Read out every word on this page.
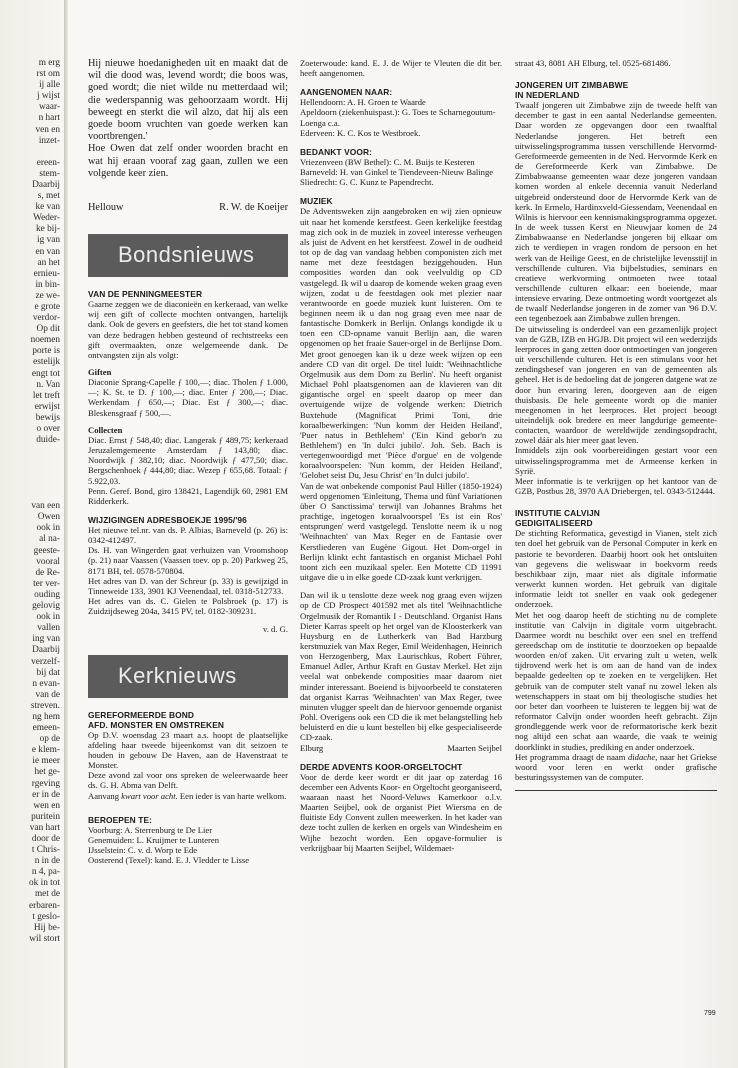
m erg
rst om
ij alle
j wijst
waar-
n hart
ven en
inzet-
ereen-
stem-
Daarbij
s, met
ke van
Weder-
ke bij-
ig van
en van
an het
ernieu-
in bin-
ze we-
e grote
verdor-
Op dit
noemen
porte is
estelijk
engt tot
n. Van
let treft
erwijst
bewijs
o over
duide-
van een
Owen
ook in
al na-
geeste-
vooral
de Re-
ter ver-
ouding
gelovig
ook in
vallen
ing van
Daarbij
verzelf-
bij dat
n evan-
van de
streven.
ng hem
emeen-
op de
e klem-
ie meer
het ge-
rgeving
er in de
wen en
puritein
van hart
door de
t Chris-
n in de
n 4, pa-
ok in tot
met de
erbaren-
t geslo-
Hij be-
wil stort

Hij nieuwe hoedanigheden uit en maakt dat de wil die dood was, levend wordt; die boos was, goed wordt; die niet wilde nu metterdaad wil; die wederspannig was gehoorzaam wordt. Hij beweegt en sterkt die wil alzo, dat hij als een goede boom vruchten van goede werken kan voortbrengen.'

Hoe Owen dat zelf onder woorden bracht en wat hij eraan vooraf zag gaan, zullen we een volgende keer zien.

Hellouw	R. W. de Koeijer
Bondsnieuws

VAN DE PENNINGMEESTER

Gaarne zeggen we de diaconieën en kerkeraad, van welke wij een gift of collecte mochten ontvangen, hartelijk dank. Ook de gevers en geefsters, die het tot stand komen van deze bedragen hebben gesteund of rechtstreeks een gift overmaakten, onze welgemeende dank. De ontvangsten zijn als volgt:

Giften

Diaconie Sprang-Capelle ƒ 100,—; diac. Tholen ƒ 1.000,—; K. St. te D. ƒ 100,—; diac. Enter ƒ 200,—; Diac. Werkendam ƒ 650,—; Diac. Est ƒ 300,—; diac. Bleskensgraaf ƒ 500,—.

Collecten

Diac. Ernst ƒ 548,40; diac. Langerak ƒ 489,75; kerkeraad Jeruzalemgemeente Amsterdam ƒ 143,80; diac. Noordwijk ƒ 382,10; diac. Noordwijk ƒ 477,50; diac. Bergschenhoek ƒ 444,80; diac. Wezep ƒ 655,68. Totaal: ƒ 5.922,03.

Penn. Geref. Bond, giro 138421, Lagendijk 60, 2981 EM Ridderkerk.

WIJZIGINGEN ADRESBOEKJE 1995/'96

Het nieuwe tel.nr. van ds. P. Albias, Barneveld (p. 26) is: 0342-412497.

Ds. H. van Wingerden gaat verhuizen van Vroomshoop (p. 21) naar Vaassen (Vaassen toev. op p. 20) Parkweg 25, 8171 BH, tel. 0578-570804.

Het adres van D. van der Schreur (p. 33) is gewijzigd in Tinneweide 133, 3901 KJ Veenendaal, tel. 0318-512733.

Het adres van ds. C. Gielen te Polsbroek (p. 17) is Zuidzijdseweg 204a, 3415 PV, tel. 0182-309231.

v. d. G.
Kerknieuws

GEREFORMEERDE BOND

AFD. MONSTER EN OMSTREKEN

Op D.V. woensdag 23 maart a.s. hoopt de plaatselijke afdeling haar tweede bijeenkomst van dit seizoen te houden in gebouw De Haven, aan de Havenstraat te Monster.

Deze avond zal voor ons spreken de weleerwaarde heer ds. G. H. Abma van Delft.

Aanvang kwart voor acht. Een ieder is van harte welkom.

BEROEPEN TE:

Voorburg: A. Sterrenburg te De Lier

Genemuiden: L. Kruijmer te Lunteren

IJsselstein: C. v. d. Worp te Ede

Oosterend (Texel): kand. E. J. Vledder te Lisse

Zoeterwoude: kand. E. J. de Wijer te Vleuten die dit ber. heeft aangenomen.

AANGENOMEN NAAR:

Hellendoorn: A. H. Groen te Waarde

Apeldoorn (ziekenhuispast.): G. Toes te Scharnegoutum-Loenga c.a.

Ederveen: K. C. Kos te Westbroek.

BEDANKT VOOR:

Vriezenveen (BW Bethel): C. M. Buijs te Kesteren

Barneveld: H. van Ginkel te Tiendeveen-Nieuw Balinge

Sliedrecht: G. C. Kunz te Papendrecht.

MUZIEK

De Adventsweken zijn aangebroken en wij zien opnieuw uit naar het komende kerstfeest. Geen kerkelijke feestdag mag zich ook in de muziek in zoveel interesse verheugen als juist de Advent en het kerstfeest. Zowel in de oudheid tot op de dag van vandaag hebben componisten zich met name met deze feestdagen beziggehouden. Hun composities worden dan ook veelvuldig op CD vastgelegd. Ik wil u daarop de komende weken graag even wijzen, zodat u de feestdagen ook met plezier naar verantwoorde en goede muziek kunt luisteren. Om te beginnen neem ik u dan nog graag even mee naar de fantastische Domkerk in Berlijn. Onlangs kondigde ik u toen een CD-opname vanuit Berlijn aan, die waren opgenomen op het fraaie Sauer-orgel in de Berlijnse Dom. Met groot genoegen kan ik u deze week wijzen op een andere CD van dit orgel. De titel luidt: 'Weihnachtliche Orgelmusik aus dem Dom zu Berlin'. Nu heeft organist Michael Pohl plaatsgenomen aan de klavieren van dit gigantische orgel en speelt daarop op meer dan overtuigende wijze de volgende werken: Dietrich Buxtehude (Magnificat Primi Toni, drie koraalbewerkingen: 'Nun komm der Heiden Heiland', 'Puer natus in Bethlehem' ('Ein Kind gebor'n zu Bethlehem') en 'In dulci jubilo'. Joh. Seb. Bach is vertegenwoordigd met 'Pièce d'orgue' en de volgende koraalvoorspelen: 'Nun komm, der Heiden Heiland', 'Gelobet seist Du, Jesu Christ' en 'In dulci jubilo'.

Van de wat onbekende componist Paul Hiller (1850-1924) werd opgenomen 'Einleitung, Thema und fünf Variationen über O Sanctissima' terwijl van Johannes Brahms het prachtige, ingetogen koraalvoorspel 'Es ist ein Ros' entsprungen' werd vastgelegd. Tenslotte neem ik u nog 'Weihnachten' van Max Reger en de Fantasie over Kerstliederen van Eugène Gigout. Het Dom-orgel in Berlijn klinkt echt fantastisch en organist Michael Pohl toont zich een muzikaal speler. Een Motette CD 11991 uitgave die u in elke goede CD-zaak kunt verkrijgen.

Dan wil ik u tenslotte deze week nog graag even wijzen op de CD Prospect 401592 met als titel 'Weihnachtliche Orgelmusik der Romantik I - Deutschland. Organist Hans Dieter Karras speelt op het orgel van de Kloosterkerk van Huysburg en de Lutherkerk van Bad Harzburg kerstmuziek van Max Reger, Emil Weidenhagen, Heinrich von Herzogenberg, Max Laurischkus, Robert Führer, Emanuel Adler, Arthur Kraft en Gustav Merkel. Het zijn veelal wat onbekende composities maar daarom niet minder interessant. Boeiend is bijvoorbeeld te constateren dat organist Karras 'Weihnachten' van Max Reger, twee minuten vlugger speelt dan de hiervoor genoemde organist Pohl. Overigens ook een CD die ik met belangstelling heb beluisterd en die u kunt bestellen bij elke gespecialiseerde CD-zaak.

Elburg	Maarten Seijbel

DERDE ADVENTS KOOR-ORGELTOCHT

Voor de derde keer wordt er dit jaar op zaterdag 16 december een Advents Koor- en Orgeltocht georganiseerd, waaraan naast het Noord-Veluws Kamerkoor o.l.v. Maarten Seijbel, ook de organist Piet Wiersma en de fluitiste Edy Convent zullen meewerken. In het kader van deze tocht zullen de kerken en orgels van Windesheim en Wijhe bezocht worden. Een opgave-formulier is verkrijgbaar bij Maarten Seijbel, Wildemaet-

straat 43, 8081 AH Elburg, tel. 0525-681486.

JONGEREN UIT ZIMBABWE

IN NEDERLAND

Twaalf jongeren uit Zimbabwe zijn de tweede helft van december te gast in een aantal Nederlandse gemeenten. Daar worden ze opgevangen door een twaalftal Nederlandse jongeren. Het betreft een uitwisselingsprogramma tussen verschillende Hervormd-Gereformeerde gemeenten in de Ned. Hervormde Kerk en de Gereformeerde Kerk van Zimbabwe. De Zimbabwaanse gemeenten waar deze jongeren vandaan komen worden al enkele decennia vanuit Nederland uitgebreid ondersteund door de Hervormde Kerk van de kerk. In Ermelo, Hardinxveld-Giessendam, Veenendaal en Wilnis is hiervoor een kennismakingsprogramma opgezet. In de week tussen Kerst en Nieuwjaar komen de 24 Zimbabwaanse en Nederlandse jongeren bij elkaar om zich te verdiepen in vragen rondom de persoon en het werk van de Heilige Geest, en de christelijke levensstijl in verschillende culturen. Via bijbelstudies, seminars en creatieve werkvorming ontmoeten twee totaal verschillende culturen elkaar: een boeiende, maar intensieve ervaring. Deze ontmoeting wordt voortgezet als de twaalf Nederlandse jongeren in de zomer van '96 D.V. een tegenbezoek aan Zimbabwe zullen brengen.

De uitwisseling is onderdeel van een gezamenlijk project van de GZB, IZB en HGJB. Dit project wil een wederzijds leerproces in gang zetten door ontmoetingen van jongeren uit verschillende culturen. Het is een stimulans voor het zendingsbesef van jongeren en van de gemeenten als geheel. Het is de bedoeling dat de jongeren datgene wat ze door hun ervaring leren, doorgeven aan de eigen thuisbasis. De hele gemeente wordt op die manier meegenomen in het leerproces. Het project beoogt uiteindelijk ook bredere en meer langdurige gemeente-contacten, waardoor de wereldwijde zendingsopdracht, zowel dáár als hier meer gaat leven.

Inmiddels zijn ook voorbereidingen gestart voor een uitwisselingsprogramma met de Armeense kerken in Syrië.

Meer informatie is te verkrijgen op het kantoor van de GZB, Postbus 28, 3970 AA Driebergen, tel. 0343-512444.

INSTITUTIE CALVIJN

GEDIGITALISEERD

De stichting Reformatica, gevestigd in Vianen, stelt zich ten doel het gebruik van de Personal Computer in kerk en pastorie te bevorderen. Daarbij hoort ook het ontsluiten van gegevens die weliswaar in boekvorm reeds beschikbaar zijn, maar niet als digitale informatie verwerkt kunnen worden. Het gebruik van digitale informatie leidt tot sneller en vaak ook gedegener onderzoek.

Met het oog daarop heeft de stichting nu de complete institutie van Calvijn in digitale vorm uitgebracht. Daarmee wordt nu beschikt over een snel en treffend gereedschap om de institutie te doorzoeken op bepaalde woorden en/of zaken. Uit ervaring zult u weten, welk tijdrovend werk het is om aan de hand van de index bepaalde gedeelten op te zoeken en te vergelijken. Het gebruik van de computer stelt vanaf nu zowel leken als wetenschappers in staat om bij theologische studies het oor beter dan voorheen te luisteren te leggen bij wat de reformator Calvijn onder woorden heeft gebracht. Zijn grondleggende werk voor de reformatorische kerk bezit nog altijd een schat aan waarde, die vaak te weinig doorklinkt in studies, prediking en ander onderzoek.

Het programma draagt de naam didache, naar het Griekse woord voor leren en werkt onder grafische besturingssystemen van de computer.

799
